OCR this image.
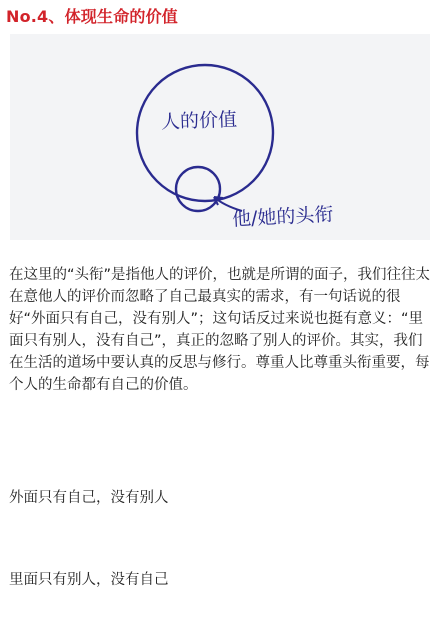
No.4、体现生命的价值
人的价值
他/她的头衔

在这里的“头衔”是指他人的评价，也就是所谓的面子，我们往往太在意他人的评价而忽略了自己最真实的需求，有一句话说的很好“外面只有自己，没有别人”；这句话反过来说也挺有意义：“里面只有别人，没有自己”，真正的忽略了别人的评价。其实，我们在生活的道场中要认真的反思与修行。尊重人比尊重头衔重要，每个人的生命都有自己的价值。

外面只有自己，没有别人

里面只有别人，没有自己
